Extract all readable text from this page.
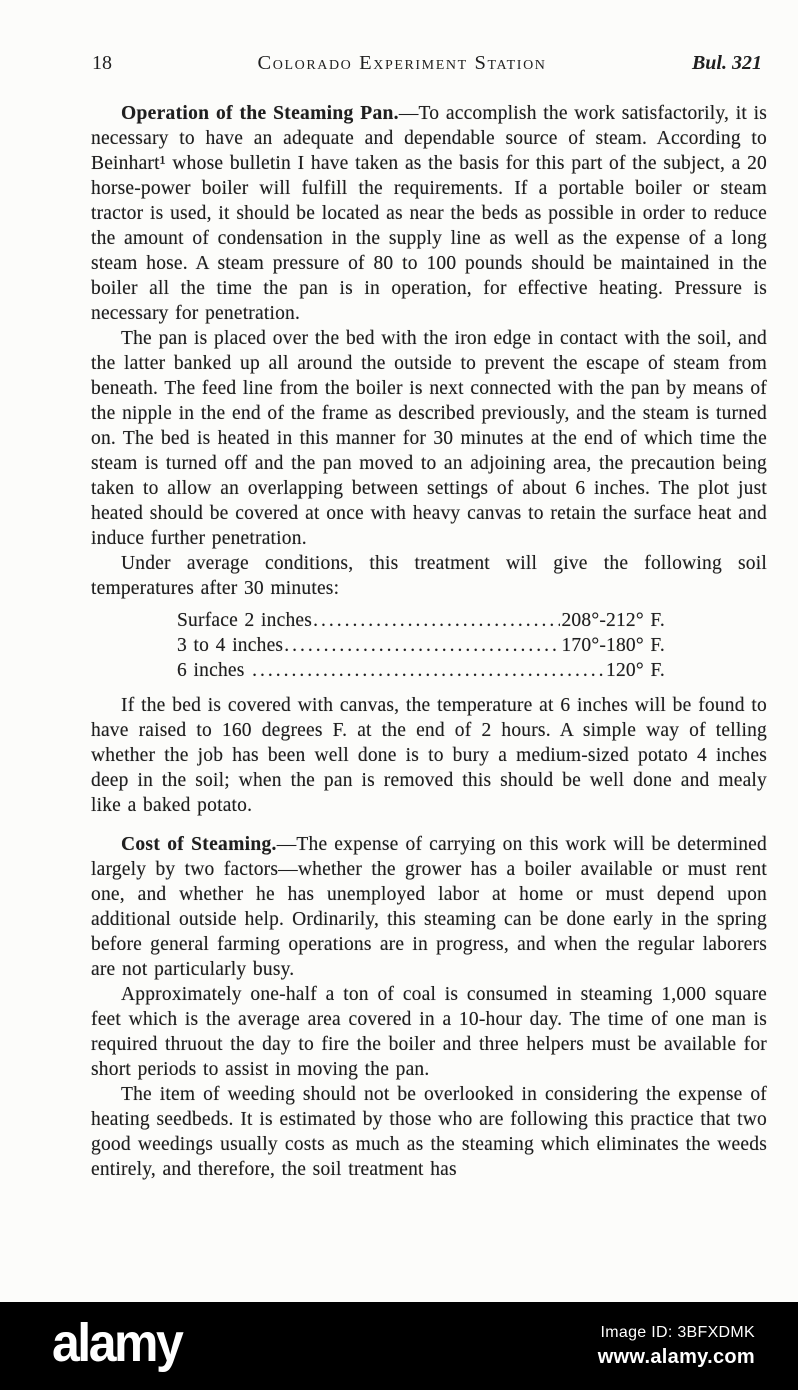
18	Colorado Experiment Station	Bul. 321

Operation of the Steaming Pan.—To accomplish the work satisfactorily, it is necessary to have an adequate and dependable source of steam. According to Beinhart¹ whose bulletin I have taken as the basis for this part of the subject, a 20 horse-power boiler will fulfill the requirements. If a portable boiler or steam tractor is used, it should be located as near the beds as possible in order to reduce the amount of condensation in the supply line as well as the expense of a long steam hose. A steam pressure of 80 to 100 pounds should be maintained in the boiler all the time the pan is in operation, for effective heating. Pressure is necessary for penetration.

The pan is placed over the bed with the iron edge in contact with the soil, and the latter banked up all around the outside to prevent the escape of steam from beneath. The feed line from the boiler is next connected with the pan by means of the nipple in the end of the frame as described previously, and the steam is turned on. The bed is heated in this manner for 30 minutes at the end of which time the steam is turned off and the pan moved to an adjoining area, the precaution being taken to allow an overlapping between settings of about 6 inches. The plot just heated should be covered at once with heavy canvas to retain the surface heat and induce further penetration.

Under average conditions, this treatment will give the following soil temperatures after 30 minutes:

Surface 2 inches .....	208°-212° F.
3 to 4 inches .....	170°-180° F.
6 inches .....	120° F.

If the bed is covered with canvas, the temperature at 6 inches will be found to have raised to 160 degrees F. at the end of 2 hours. A simple way of telling whether the job has been well done is to bury a medium-sized potato 4 inches deep in the soil; when the pan is removed this should be well done and mealy like a baked potato.

Cost of Steaming.—The expense of carrying on this work will be determined largely by two factors—whether the grower has a boiler available or must rent one, and whether he has unemployed labor at home or must depend upon additional outside help. Ordinarily, this steaming can be done early in the spring before general farming operations are in progress, and when the regular laborers are not particularly busy.

Approximately one-half a ton of coal is consumed in steaming 1,000 square feet which is the average area covered in a 10-hour day. The time of one man is required thruout the day to fire the boiler and three helpers must be available for short periods to assist in moving the pan.

The item of weeding should not be overlooked in considering the expense of heating seedbeds. It is estimated by those who are following this practice that two good weedings usually costs as much as the steaming which eliminates the weeds entirely, and therefore, the soil treatment has

alamy	Image ID: 3BFXDMK
www.alamy.com
